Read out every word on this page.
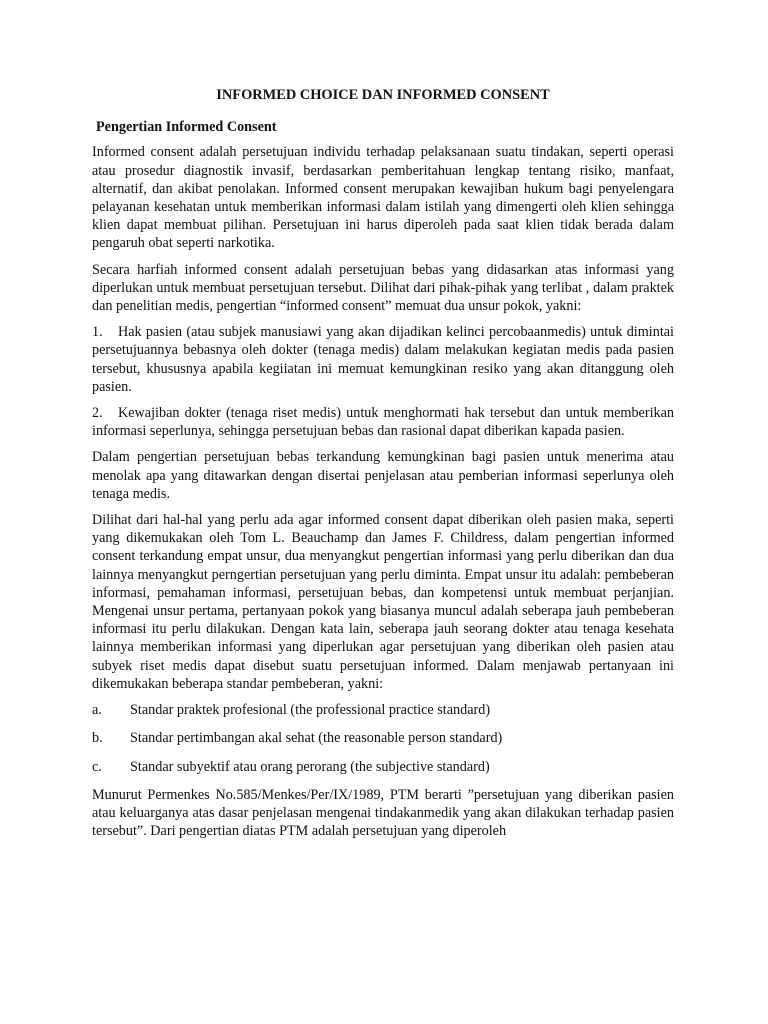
INFORMED CHOICE DAN INFORMED CONSENT
Pengertian Informed Consent

Informed consent adalah persetujuan individu terhadap pelaksanaan suatu tindakan, seperti operasi atau prosedur diagnostik invasif, berdasarkan pemberitahuan lengkap tentang risiko, manfaat, alternatif, dan akibat penolakan. Informed consent merupakan kewajiban hukum bagi penyelengara pelayanan kesehatan untuk memberikan informasi dalam istilah yang dimengerti oleh klien sehingga klien dapat membuat pilihan. Persetujuan ini harus diperoleh pada saat klien tidak berada dalam pengaruh obat seperti narkotika.

Secara harfiah informed consent adalah persetujuan bebas yang didasarkan atas informasi yang diperlukan untuk membuat persetujuan tersebut. Dilihat dari pihak-pihak yang terlibat , dalam praktek dan penelitian medis, pengertian “informed consent” memuat dua unsur pokok, yakni:

1. Hak pasien (atau subjek manusiawi yang akan dijadikan kelinci percobaanmedis) untuk dimintai persetujuannya bebasnya oleh dokter (tenaga medis) dalam melakukan kegiatan medis pada pasien tersebut, khususnya apabila kegiiatan ini memuat kemungkinan resiko yang akan ditanggung oleh pasien.
2. Kewajiban dokter (tenaga riset medis) untuk menghormati hak tersebut dan untuk memberikan informasi seperlunya, sehingga persetujuan bebas dan rasional dapat diberikan kapada pasien.

Dalam pengertian persetujuan bebas terkandung kemungkinan bagi pasien untuk menerima atau menolak apa yang ditawarkan dengan disertai penjelasan atau pemberian informasi seperlunya oleh tenaga medis.

Dilihat dari hal-hal yang perlu ada agar informed consent dapat diberikan oleh pasien maka, seperti yang dikemukakan oleh Tom L. Beauchamp dan James F. Childress, dalam pengertian informed consent terkandung empat unsur, dua menyangkut pengertian informasi yang perlu diberikan dan dua lainnya menyangkut perngertian persetujuan yang perlu diminta. Empat unsur itu adalah: pembeberan informasi, pemahaman informasi, persetujuan bebas, dan kompetensi untuk membuat perjanjian. Mengenai unsur pertama, pertanyaan pokok yang biasanya muncul adalah seberapa jauh pembeberan informasi itu perlu dilakukan. Dengan kata lain, seberapa jauh seorang dokter atau tenaga kesehata lainnya memberikan informasi yang diperlukan agar persetujuan yang diberikan oleh pasien atau subyek riset medis dapat disebut suatu persetujuan informed. Dalam menjawab pertanyaan ini dikemukakan beberapa standar pembeberan, yakni:

a.	Standar praktek profesional (the professional practice standard)
b.	Standar pertimbangan akal sehat (the reasonable person standard)
c.	Standar subyektif atau orang perorang (the subjective standard)

Munurut Permenkes No.585/Menkes/Per/IX/1989, PTM berarti ”persetujuan yang diberikan pasien atau keluarganya atas dasar penjelasan mengenai tindakanmedik yang akan dilakukan terhadap pasien tersebut”. Dari pengertian diatas PTM adalah persetujuan yang diperoleh
